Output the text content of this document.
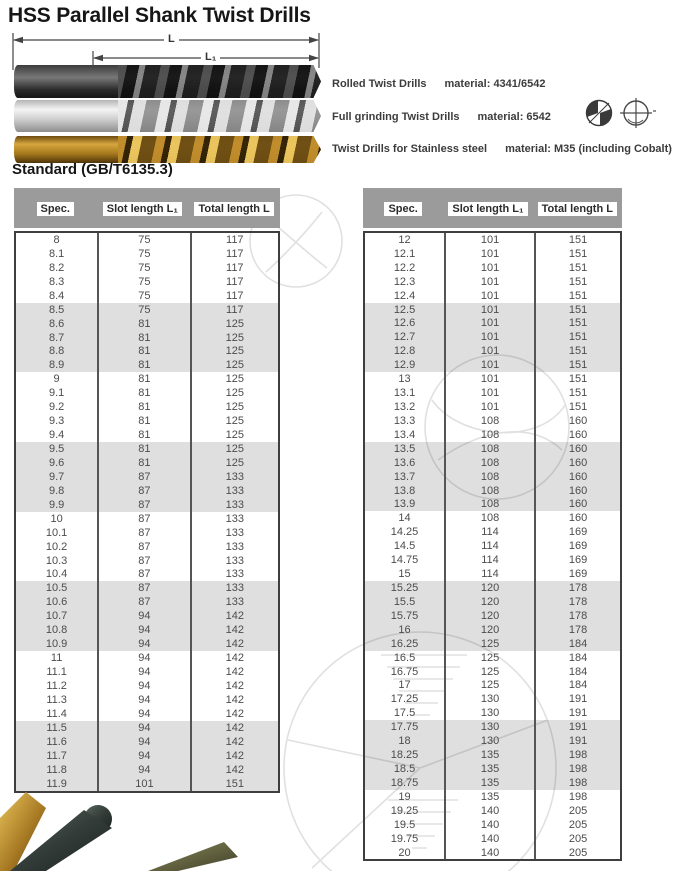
HSS Parallel Shank Twist Drills
L
L₁
Rolled Twist Drills material: 4341/6542
Full grinding Twist Drills material: 6542
Twist Drills for Stainless steel material: M35 (including Cobalt)
Standard (GB/T6135.3)
Spec.	Slot length L₁	Total length L
8	75	117
8.1	75	117
8.2	75	117
8.3	75	117
8.4	75	117
8.5	75	117
8.6	81	125
8.7	81	125
8.8	81	125
8.9	81	125
9	81	125
9.1	81	125
9.2	81	125
9.3	81	125
9.4	81	125
9.5	81	125
9.6	81	125
9.7	87	133
9.8	87	133
9.9	87	133
10	87	133
10.1	87	133
10.2	87	133
10.3	87	133
10.4	87	133
10.5	87	133
10.6	87	133
10.7	94	142
10.8	94	142
10.9	94	142
11	94	142
11.1	94	142
11.2	94	142
11.3	94	142
11.4	94	142
11.5	94	142
11.6	94	142
11.7	94	142
11.8	94	142
11.9	101	151
Spec.	Slot length L₁	Total length L
12	101	151
12.1	101	151
12.2	101	151
12.3	101	151
12.4	101	151
12.5	101	151
12.6	101	151
12.7	101	151
12.8	101	151
12.9	101	151
13	101	151
13.1	101	151
13.2	101	151
13.3	108	160
13.4	108	160
13.5	108	160
13.6	108	160
13.7	108	160
13.8	108	160
13.9	108	160
14	108	160
14.25	114	169
14.5	114	169
14.75	114	169
15	114	169
15.25	120	178
15.5	120	178
15.75	120	178
16	120	178
16.25	125	184
16.5	125	184
16.75	125	184
17	125	184
17.25	130	191
17.5	130	191
17.75	130	191
18	130	191
18.25	135	198
18.5	135	198
18.75	135	198
19	135	198
19.25	140	205
19.5	140	205
19.75	140	205
20	140	205
